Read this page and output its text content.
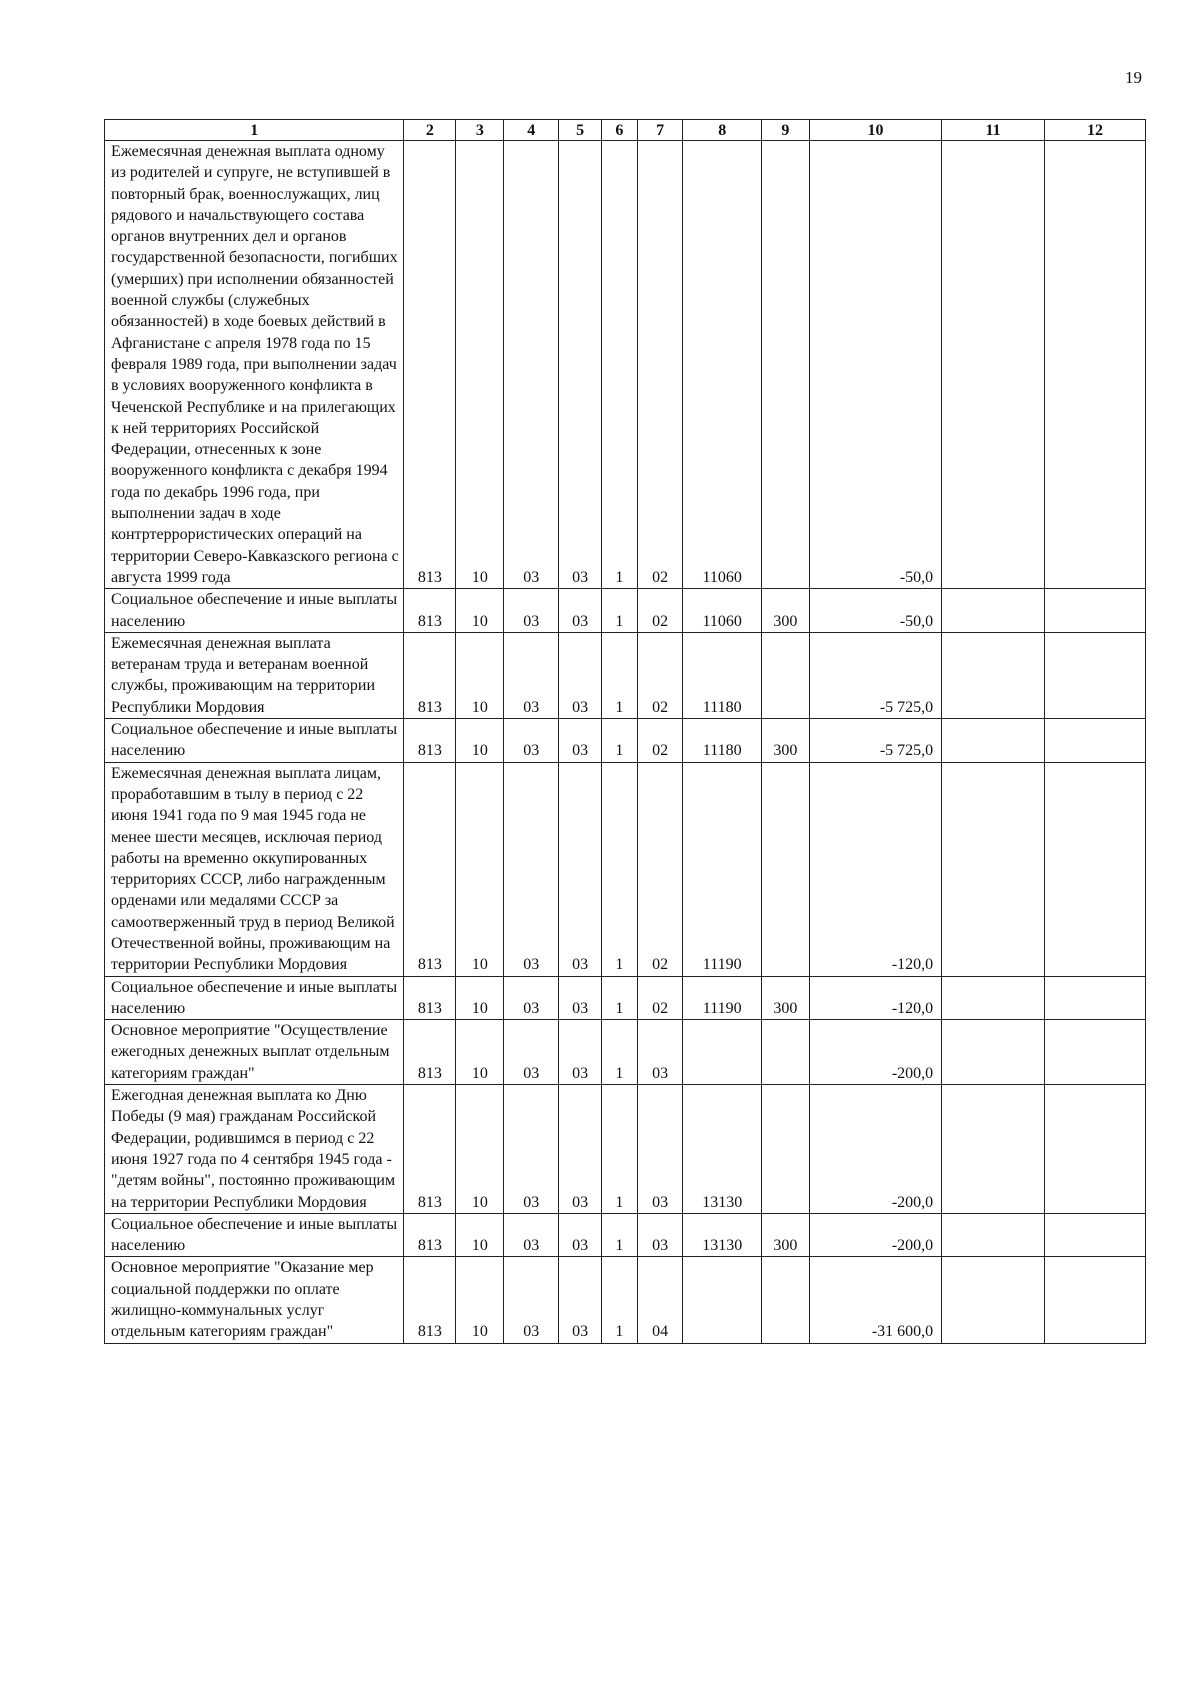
19
1	2	3	4	5	6	7	8	9	10	11	12
Ежемесячная денежная выплата одному из родителей и супруге, не вступившей в повторный брак, военнослужащих, лиц рядового и начальствующего состава органов внутренних дел и органов государственной безопасности, погибших (умерших) при исполнении обязанностей военной службы (служебных обязанностей) в ходе боевых действий в Афганистане с апреля 1978 года по 15 февраля 1989 года, при выполнении задач в условиях вооруженного конфликта в Чеченской Республике и на прилегающих к ней территориях Российской Федерации, отнесенных к зоне вооруженного конфликта с декабря 1994 года по декабрь 1996 года, при выполнении задач в ходе контртеррористических операций на территории Северо-Кавказского региона с августа 1999 года	813	10	03	03	1	02	11060		-50,0		
Социальное обеспечение и иные выплаты населению	813	10	03	03	1	02	11060	300	-50,0		
Ежемесячная денежная выплата ветеранам труда и ветеранам военной службы, проживающим на территории Республики Мордовия	813	10	03	03	1	02	11180		-5 725,0		
Социальное обеспечение и иные выплаты населению	813	10	03	03	1	02	11180	300	-5 725,0		
Ежемесячная денежная выплата лицам, проработавшим в тылу в период с 22 июня 1941 года по 9 мая 1945 года не менее шести месяцев, исключая период работы на временно оккупированных территориях СССР, либо награжденным орденами или медалями СССР за самоотверженный труд в период Великой Отечественной войны, проживающим на территории Республики Мордовия	813	10	03	03	1	02	11190		-120,0		
Социальное обеспечение и иные выплаты населению	813	10	03	03	1	02	11190	300	-120,0		
Основное мероприятие "Осуществление ежегодных денежных выплат отдельным категориям граждан"	813	10	03	03	1	03			-200,0		
Ежегодная денежная выплата ко Дню Победы (9 мая) гражданам Российской Федерации, родившимся в период с 22 июня 1927 года по 4 сентября 1945 года - "детям войны", постоянно проживающим на территории Республики Мордовия	813	10	03	03	1	03	13130		-200,0		
Социальное обеспечение и иные выплаты населению	813	10	03	03	1	03	13130	300	-200,0		
Основное мероприятие "Оказание мер социальной поддержки по оплате жилищно-коммунальных услуг отдельным категориям граждан"	813	10	03	03	1	04			-31 600,0		
